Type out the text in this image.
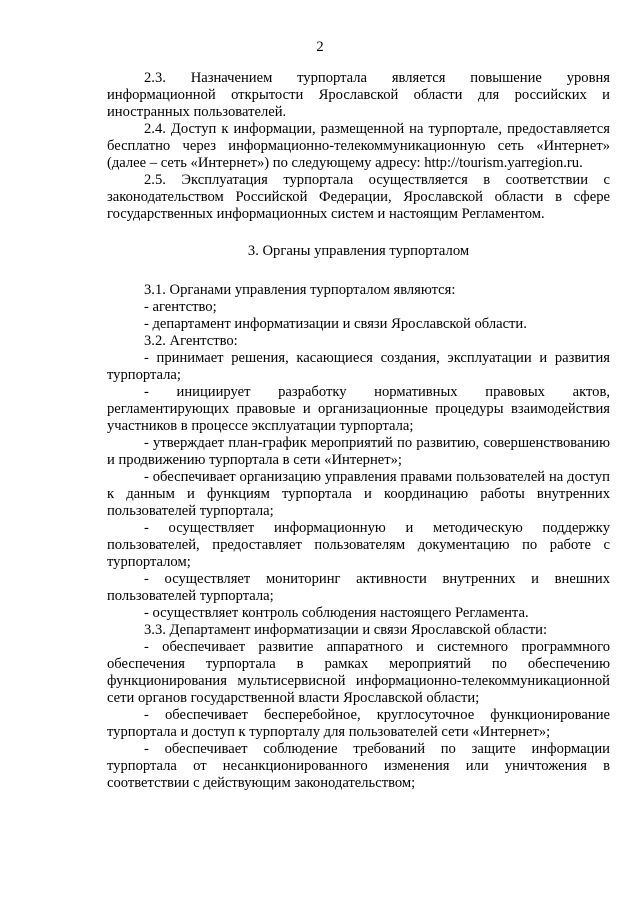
2

2.3. Назначением турпортала является повышение уровня информационной открытости Ярославской области для российских и иностранных пользователей.

2.4. Доступ к информации, размещенной на турпортале, предоставляется бесплатно через информационно-телекоммуникационную сеть «Интернет» (далее – сеть «Интернет») по следующему адресу: http://tourism.yarregion.ru.

2.5. Эксплуатация турпортала осуществляется в соответствии с законодательством Российской Федерации, Ярославской области в сфере государственных информационных систем и настоящим Регламентом.

3. Органы управления турпорталом

3.1. Органами управления турпорталом являются:

- агентство;

- департамент информатизации и связи Ярославской области.

3.2. Агентство:

- принимает решения, касающиеся создания, эксплуатации и развития турпортала;

- инициирует разработку нормативных правовых актов, регламентирующих правовые и организационные процедуры взаимодействия участников в процессе эксплуатации турпортала;

- утверждает план-график мероприятий по развитию, совершенствованию и продвижению турпортала в сети «Интернет»;

- обеспечивает организацию управления правами пользователей на доступ к данным и функциям турпортала и координацию работы внутренних пользователей турпортала;

- осуществляет информационную и методическую поддержку пользователей, предоставляет пользователям документацию по работе с турпорталом;

- осуществляет мониторинг активности внутренних и внешних пользователей турпортала;

- осуществляет контроль соблюдения настоящего Регламента.

3.3. Департамент информатизации и связи Ярославской области:

- обеспечивает развитие аппаратного и системного программного обеспечения турпортала в рамках мероприятий по обеспечению функционирования мультисервисной информационно-телекоммуникационной сети органов государственной власти Ярославской области;

- обеспечивает бесперебойное, круглосуточное функционирование турпортала и доступ к турпорталу для пользователей сети «Интернет»;

- обеспечивает соблюдение требований по защите информации турпортала от несанкционированного изменения или уничтожения в соответствии с действующим законодательством;
